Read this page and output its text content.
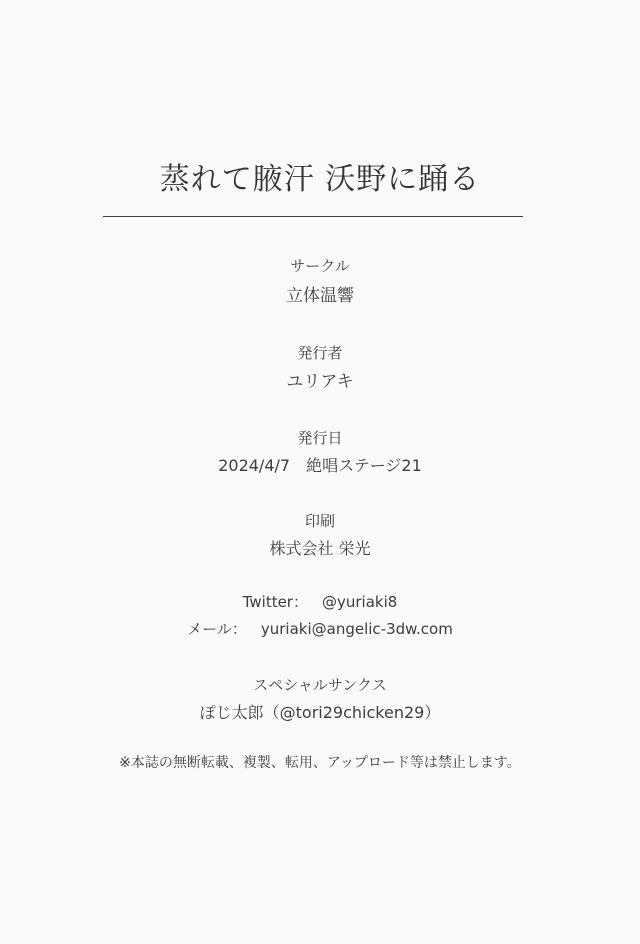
蒸れて腋汗 沃野に踊る
サークル
立体温響
発行者
ユリアキ
発行日
2024/4/7　絶唱ステージ21
印刷
株式会社 栄光
Twitter： @yuriaki8
メール： yuriaki@angelic-3dw.com
スペシャルサンクス
ぽじ太郎（@tori29chicken29）
※本誌の無断転載、複製、転用、アップロード等は禁止します。
